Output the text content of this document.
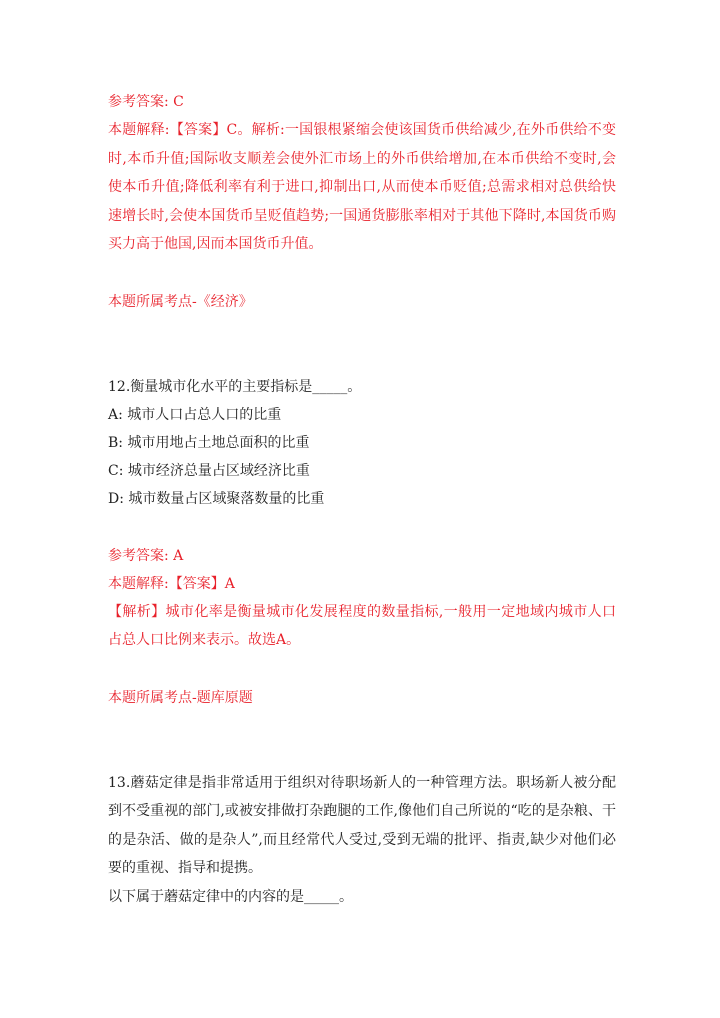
参考答案: C
本题解释:【答案】C。解析:一国银根紧缩会使该国货币供给减少,在外币供给不变时,本币升值;国际收支顺差会使外汇市场上的外币供给增加,在本币供给不变时,会使本币升值;降低利率有利于进口,抑制出口,从而使本币贬值;总需求相对总供给快速增长时,会使本国货币呈贬值趋势;一国通货膨胀率相对于其他下降时,本国货币购买力高于他国,因而本国货币升值。
本题所属考点-《经济》
12.衡量城市化水平的主要指标是_____。
A: 城市人口占总人口的比重
B: 城市用地占土地总面积的比重
C: 城市经济总量占区域经济比重
D: 城市数量占区域聚落数量的比重
参考答案: A
本题解释:【答案】A
【解析】城市化率是衡量城市化发展程度的数量指标,一般用一定地域内城市人口占总人口比例来表示。故选A。
本题所属考点-题库原题
13.蘑菇定律是指非常适用于组织对待职场新人的一种管理方法。职场新人被分配到不受重视的部门,或被安排做打杂跑腿的工作,像他们自己所说的“吃的是杂粮、干的是杂活、做的是杂人”,而且经常代人受过,受到无端的批评、指责,缺少对他们必要的重视、指导和提携。
以下属于蘑菇定律中的内容的是_____。
